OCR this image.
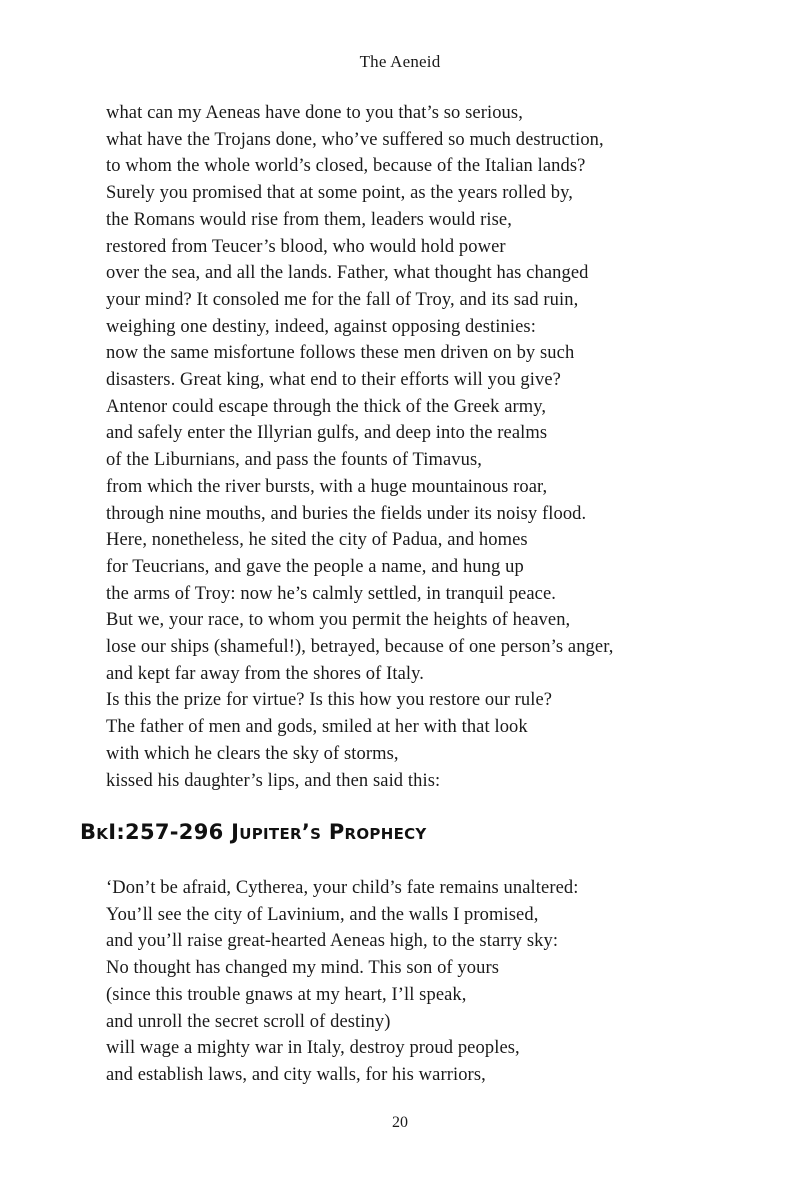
The Aeneid
what can my Aeneas have done to you that’s so serious,
what have the Trojans done, who’ve suffered so much destruction,
to whom the whole world’s closed, because of the Italian lands?
Surely you promised that at some point, as the years rolled by,
the Romans would rise from them, leaders would rise,
restored from Teucer’s blood, who would hold power
over the sea, and all the lands. Father, what thought has changed
your mind? It consoled me for the fall of Troy, and its sad ruin,
weighing one destiny, indeed, against opposing destinies:
now the same misfortune follows these men driven on by such
disasters. Great king, what end to their efforts will you give?
Antenor could escape through the thick of the Greek army,
and safely enter the Illyrian gulfs, and deep into the realms
of the Liburnians, and pass the founts of Timavus,
from which the river bursts, with a huge mountainous roar,
through nine mouths, and buries the fields under its noisy flood.
Here, nonetheless, he sited the city of Padua, and homes
for Teucrians, and gave the people a name, and hung up
the arms of Troy: now he’s calmly settled, in tranquil peace.
But we, your race, to whom you permit the heights of heaven,
lose our ships (shameful!), betrayed, because of one person’s anger,
and kept far away from the shores of Italy.
Is this the prize for virtue? Is this how you restore our rule?
The father of men and gods, smiled at her with that look
with which he clears the sky of storms,
kissed his daughter’s lips, and then said this:
BkI:257-296 Jupiter’s Prophecy
‘Don’t be afraid, Cytherea, your child’s fate remains unaltered:
You’ll see the city of Lavinium, and the walls I promised,
and you’ll raise great-hearted Aeneas high, to the starry sky:
No thought has changed my mind. This son of yours
(since this trouble gnaws at my heart, I’ll speak,
and unroll the secret scroll of destiny)
will wage a mighty war in Italy, destroy proud peoples,
and establish laws, and city walls, for his warriors,
20
